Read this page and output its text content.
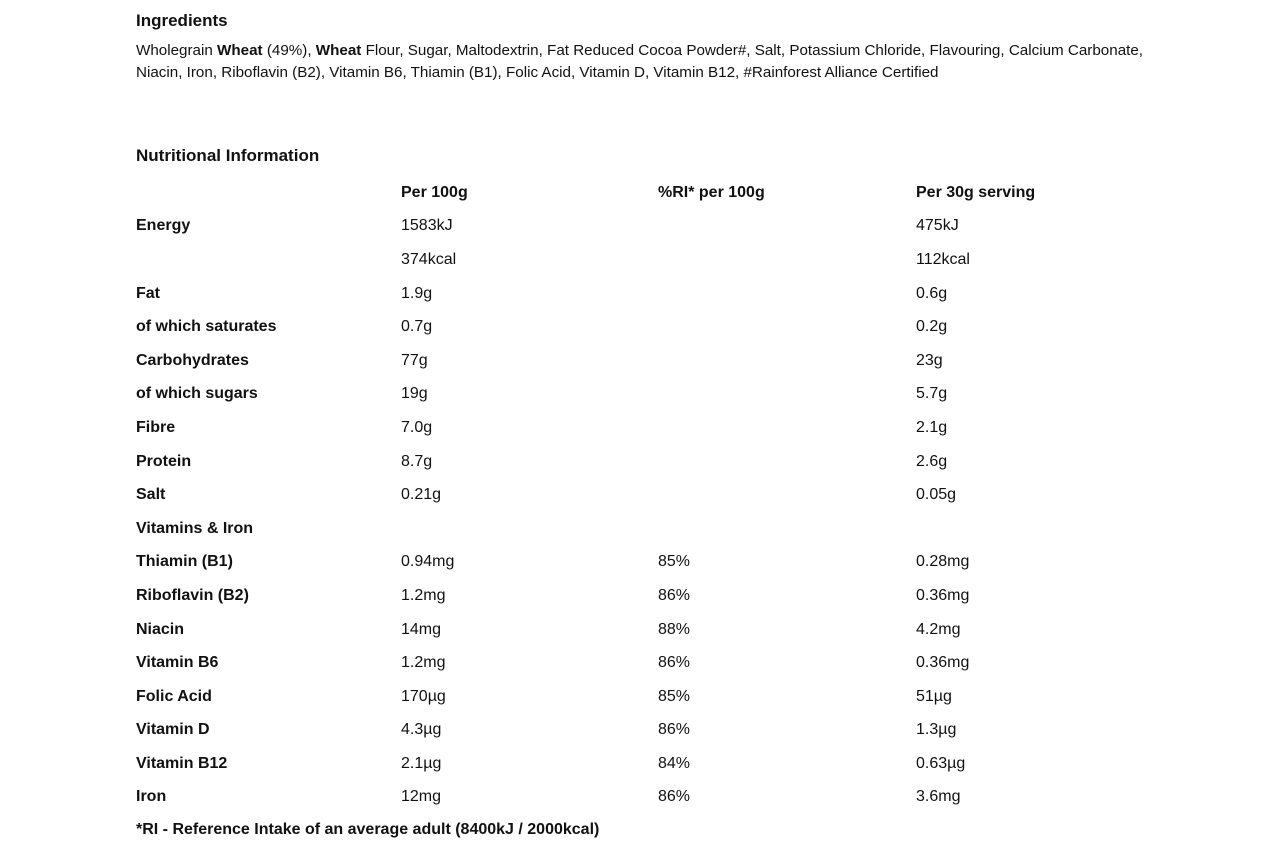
Ingredients

Wholegrain Wheat (49%), Wheat Flour, Sugar, Maltodextrin, Fat Reduced Cocoa Powder#, Salt, Potassium Chloride, Flavouring, Calcium Carbonate, Niacin, Iron, Riboflavin (B2), Vitamin B6, Thiamin (B1), Folic Acid, Vitamin D, Vitamin B12, #Rainforest Alliance Certified

Nutritional Information
	Per 100g	%RI* per 100g	Per 30g serving
Energy	1583kJ		475kJ
	374kcal		112kcal
Fat	1.9g		0.6g
of which saturates	0.7g		0.2g
Carbohydrates	77g		23g
of which sugars	19g		5.7g
Fibre	7.0g		2.1g
Protein	8.7g		2.6g
Salt	0.21g		0.05g
Vitamins & Iron			
Thiamin (B1)	0.94mg	85%	0.28mg
Riboflavin (B2)	1.2mg	86%	0.36mg
Niacin	14mg	88%	4.2mg
Vitamin B6	1.2mg	86%	0.36mg
Folic Acid	170µg	85%	51µg
Vitamin D	4.3µg	86%	1.3µg
Vitamin B12	2.1µg	84%	0.63µg
Iron	12mg	86%	3.6mg

*RI - Reference Intake of an average adult (8400kJ / 2000kcal)
